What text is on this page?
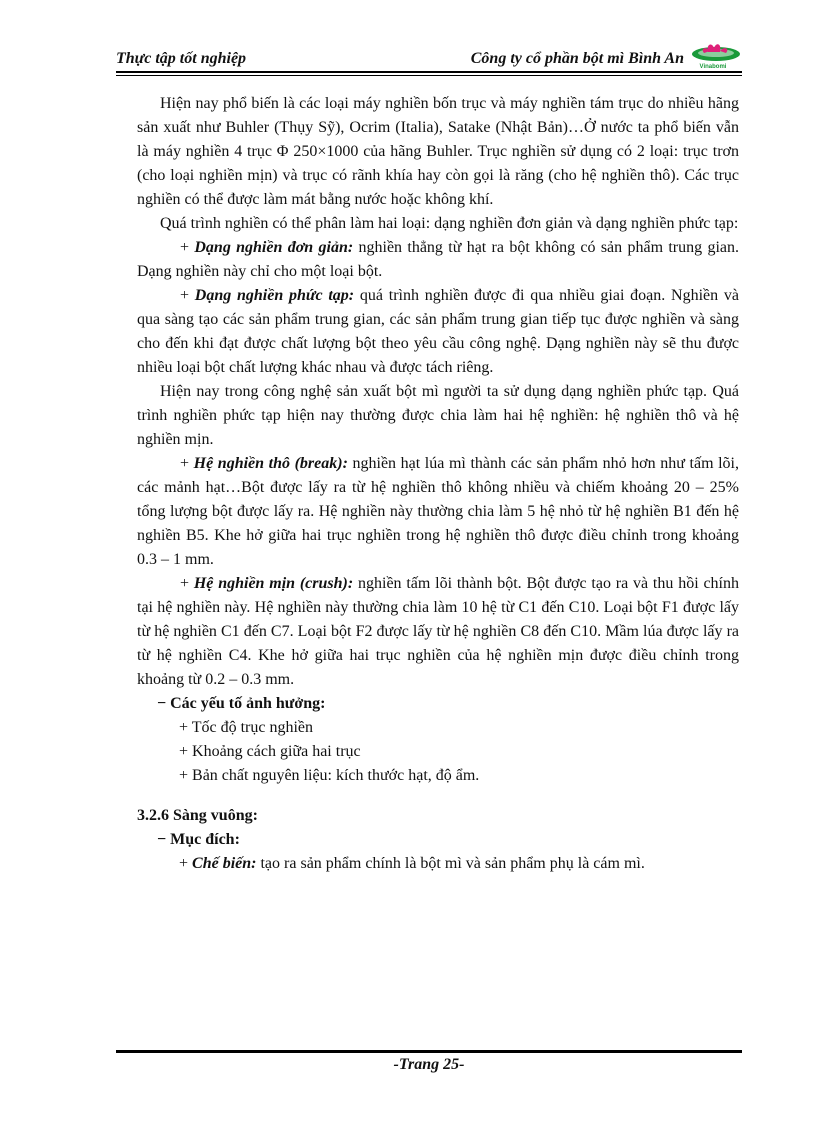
Thực tập tốt nghiệp	Công ty cổ phần bột mì Bình An	Vinabomi

Hiện nay phổ biến là các loại máy nghiền bốn trục và máy nghiền tám trục do nhiều hãng sản xuất như Buhler (Thụy Sỹ), Ocrim (Italia), Satake (Nhật Bản)…Ở nước ta phổ biến vẫn là máy nghiền 4 trục Φ 250×1000 của hãng Buhler. Trục nghiền sử dụng có 2 loại: trục trơn (cho loại nghiền mịn) và trục có rãnh khía hay còn gọi là răng (cho hệ nghiền thô). Các trục nghiền có thể được làm mát bằng nước hoặc không khí.

Quá trình nghiền có thể phân làm hai loại: dạng nghiền đơn giản và dạng nghiền phức tạp:

+ Dạng nghiền đơn giản: nghiền thẳng từ hạt ra bột không có sản phẩm trung gian. Dạng nghiền này chỉ cho một loại bột.

+ Dạng nghiền phức tạp: quá trình nghiền được đi qua nhiều giai đoạn. Nghiền và qua sàng tạo các sản phẩm trung gian, các sản phẩm trung gian tiếp tục được nghiền và sàng cho đến khi đạt được chất lượng bột theo yêu cầu công nghệ. Dạng nghiền này sẽ thu được nhiều loại bột chất lượng khác nhau và được tách riêng.

Hiện nay trong công nghệ sản xuất bột mì người ta sử dụng dạng nghiền phức tạp. Quá trình nghiền phức tạp hiện nay thường được chia làm hai hệ nghiền: hệ nghiền thô và hệ nghiền mịn.

+ Hệ nghiền thô (break): nghiền hạt lúa mì thành các sản phẩm nhỏ hơn như tấm lõi, các mảnh hạt…Bột được lấy ra từ hệ nghiền thô không nhiều và chiếm khoảng 20 – 25% tổng lượng bột được lấy ra. Hệ nghiền này thường chia làm 5 hệ nhỏ từ hệ nghiền B1 đến hệ nghiền B5. Khe hở giữa hai trục nghiền trong hệ nghiền thô được điều chỉnh trong khoảng 0.3 – 1 mm.

+ Hệ nghiền mịn (crush): nghiền tấm lõi thành bột. Bột được tạo ra và thu hồi chính tại hệ nghiền này. Hệ nghiền này thường chia làm 10 hệ từ C1 đến C10. Loại bột F1 được lấy từ hệ nghiền C1 đến C7. Loại bột F2 được lấy từ hệ nghiền C8 đến C10. Mầm lúa được lấy ra từ hệ nghiền C4. Khe hở giữa hai trục nghiền của hệ nghiền mịn được điều chỉnh trong khoảng từ 0.2 – 0.3 mm.

− Các yếu tố ảnh hưởng:

+ Tốc độ trục nghiền

+ Khoảng cách giữa hai trục

+ Bản chất nguyên liệu: kích thước hạt, độ ẩm.

3.2.6 Sàng vuông:

− Mục đích:

+ Chế biến: tạo ra sản phẩm chính là bột mì và sản phẩm phụ là cám mì.

-Trang 25-
